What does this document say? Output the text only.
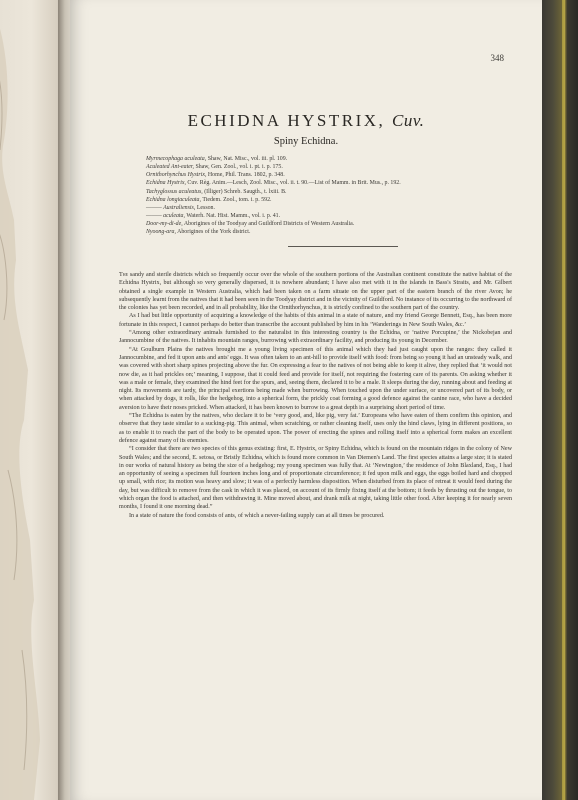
348
ECHIDNA HYSTRIX, Cuv.
Spiny Echidna.
Myrmecophaga aculeata, Shaw, Nat. Misc., vol. iii. pl. 109.
Aculeated Ant-eater, Shaw, Gen. Zool., vol. i. pt. i. p. 175.
Ornithorhynchus Hystrix, Home, Phil. Trans. 1802, p. 348.
Echidna Hystrix, Cuv. Règ. Anim.—Lesch, Zool. Misc., vol. ii. t. 90.—List of Mamm. in Brit. Mus., p. 192.
Tachyglossus aculeatus, (Illiger) Schreb. Saugth., t. lxiii. B.
Echidna longiaculeata, Tiedem. Zool., tom. i. p. 592.
——— Australiensis, Lesson.
——— aculeata, Waterh. Nat. Hist. Mamm., vol. i. p. 41.
Door-my-dī-de, Aborigines of the Toodyay and Guildford Districts of Western Australia.
Nyoong-ara, Aborigines of the York district.

The sandy and sterile districts which so frequently occur over the whole of the southern portions of the Australian continent constitute the native habitat of the Echidna Hystrix, but although so very generally dispersed, it is nowhere abundant; I have also met with it in the islands in Bass's Straits, and Mr. Gilbert obtained a single example in Western Australia, which had been taken on a farm situate on the upper part of the eastern branch of the river Avon; he subsequently learnt from the natives that it had been seen in the Toodyay district and in the vicinity of Guildford. No instance of its occurring to the northward of the colonies has yet been recorded, and in all probability, like the Ornithorhynchus, it is strictly confined to the southern part of the country.

As I had but little opportunity of acquiring a knowledge of the habits of this animal in a state of nature, and my friend George Bennett, Esq., has been more fortunate in this respect, I cannot perhaps do better than transcribe the account published by him in his ‘Wanderings in New South Wales, &c.’

“Among other extraordinary animals furnished to the naturalist in this interesting country is the Echidna, or ‘native Porcupine,’ the Nickobejan and Jannocumbine of the natives. It inhabits mountain ranges, burrowing with extraordinary facility, and producing its young in December.

“At Goulburn Plains the natives brought me a young living specimen of this animal which they had just caught upon the ranges: they called it Jannocumbine, and fed it upon ants and ants' eggs. It was often taken to an ant-hill to provide itself with food: from being so young it had an unsteady walk, and was covered with short sharp spines projecting above the fur. On expressing a fear to the natives of not being able to keep it alive, they replied that ‘it would not now die, as it had prickles on;’ meaning, I suppose, that it could feed and provide for itself, not requiring the fostering care of its parents. On asking whether it was a male or female, they examined the hind feet for the spurs, and, seeing them, declared it to be a male. It sleeps during the day, running about and feeding at night. Its movements are tardy, the principal exertions being made when burrowing. When touched upon the under surface, or uncovered part of its body, or when attacked by dogs, it rolls, like the hedgehog, into a spherical form, the prickly coat forming a good defence against the canine race, who have a decided aversion to have their noses pricked. When attacked, it has been known to burrow to a great depth in a surprising short period of time.

“The Echidna is eaten by the natives, who declare it to be ‘very good, and, like pig, very fat.’ Europeans who have eaten of them confirm this opinion, and observe that they taste similar to a sucking-pig. This animal, when scratching, or rather cleaning itself, uses only the hind claws, lying in different positions, so as to enable it to reach the part of the body to be operated upon. The power of erecting the spines and rolling itself into a spherical form makes an excellent defence against many of its enemies.

“I consider that there are two species of this genus existing: first, E. Hystrix, or Spiny Echidna, which is found on the mountain ridges in the colony of New South Wales; and the second, E. setosa, or Bristly Echidna, which is found more common in Van Diemen's Land. The first species attains a large size; it is stated in our works of natural history as being the size of a hedgehog; my young specimen was fully that. At ‘Newington,’ the residence of John Blaxland, Esq., I had an opportunity of seeing a specimen full fourteen inches long and of proportionate circumference; it fed upon milk and eggs, the eggs boiled hard and chopped up small, with rice; its motion was heavy and slow; it was of a perfectly harmless disposition. When disturbed from its place of retreat it would feed during the day, but was difficult to remove from the cask in which it was placed, on account of its firmly fixing itself at the bottom; it feeds by thrusting out the tongue, to which organ the food is attached, and then withdrawing it. Mine moved about, and drank milk at night, taking little other food. After keeping it for nearly seven months, I found it one morning dead.”

In a state of nature the food consists of ants, of which a never-failing supply can at all times be procured.
